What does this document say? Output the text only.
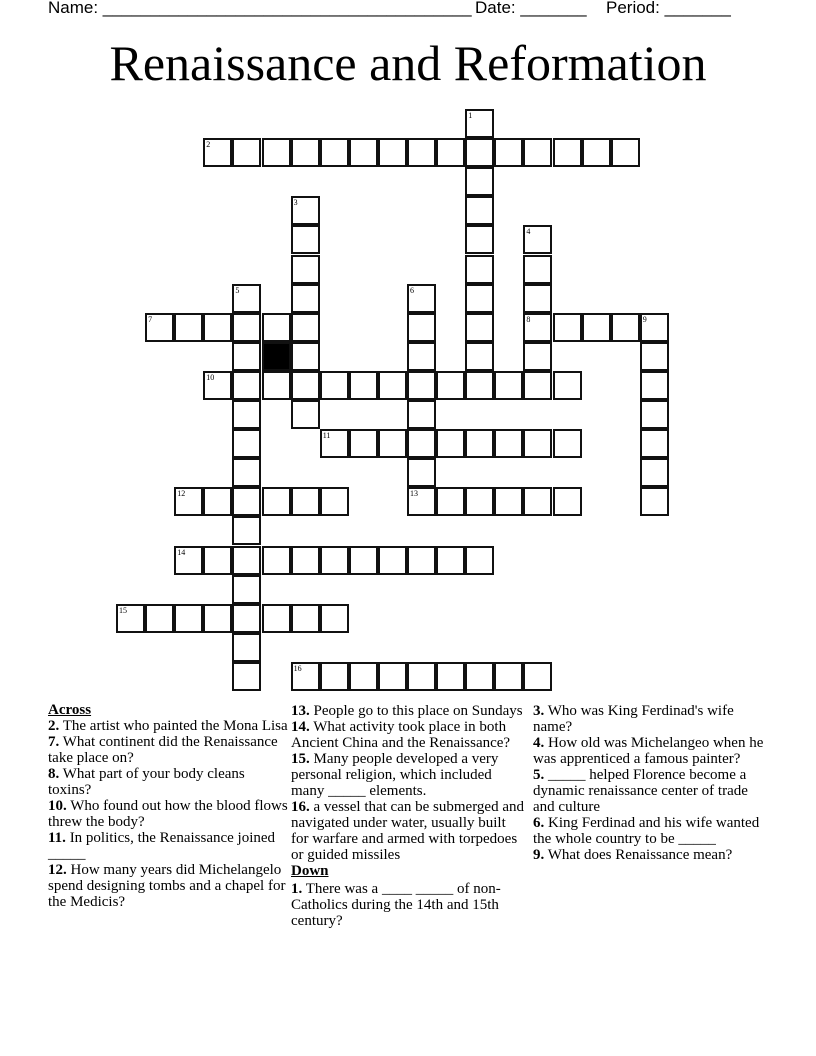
Name: _______________________________________ Date: _______ Period: _______
Renaissance and Reformation
1
2
3
4
8
5	6
13
7	9
10
11
12
14
15
16
Across
2. The artist who painted the Mona Lisa
7. What continent did the Renaissance take place on?
8. What part of your body cleans toxins?
10. Who found out how the blood flows threw the body?
11. In politics, the Renaissance joined _____
12. How many years did Michelangelo spend designing tombs and a chapel for the Medicis?
13. People go to this place on Sundays
14. What activity took place in both Ancient China and the Renaissance?
15. Many people developed a very personal religion, which included many _____ elements.
16. a vessel that can be submerged and navigated under water, usually built for warfare and armed with torpedoes or guided missiles
Down
1. There was a ____ _____ of non-Catholics during the 14th and 15th century?
3. Who was King Ferdinad's wife name?
4. How old was Michelangeo when he was apprenticed a famous painter?
5. _____ helped Florence become a dynamic renaissance center of trade and culture
6. King Ferdinad and his wife wanted the whole country to be _____
9. What does Renaissance mean?
